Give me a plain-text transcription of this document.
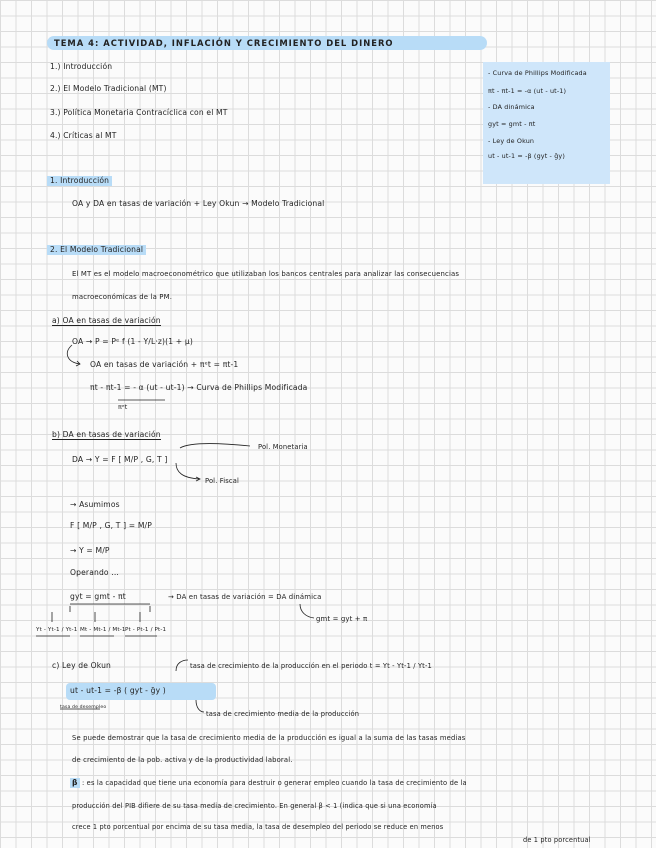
TEMA 4: ACTIVIDAD, INFLACIÓN Y CRECIMIENTO DEL DINERO
1.) Introducción
2.) El Modelo Tradicional (MT)
3.) Política Monetaria Contracíclica con el MT
4.) Críticas al MT
- Curva de Phillips Modificada
πt - πt-1 = -α (ut - ut-1)
- DA dinámica
gyt = gmt - πt
- Ley de Okun
ut - ut-1 = -β (gyt - ḡy)
1. Introducción
OA y DA en tasas de variación + Ley Okun → Modelo Tradicional
2. El Modelo Tradicional
El MT es el modelo macroeconométrico que utilizaban los bancos centrales para analizar las consecuencias
macroeconómicas de la PM.
a) OA en tasas de variación
OA → P = Pᵉ f (1 - Y/L·z)(1 + μ)
OA en tasas de variación + πᵉt = πt-1
πt - πt-1 = - α (ut - ut-1) → Curva de Phillips Modificada
πᵉt
b) DA en tasas de variación
Pol. Monetaria
DA → Y = F [ M/P , G, T ]
Pol. Fiscal
→ Asumimos
F [ M/P , G, T ] = M/P
→ Y = M/P
Operando ...
gyt = gmt - πt	→ DA en tasas de variación = DA dinámica
gmt = gyt + π
Yt - Yt-1 / Yt-1 Mt - Mt-1 / Mt-1 Pt - Pt-1 / Pt-1
c) Ley de Okun	tasa de crecimiento de la producción en el periodo t = Yt - Yt-1 / Yt-1
ut - ut-1 = -β ( gyt - ḡy )
tasa de desempleo
tasa de crecimiento media de la producción
Se puede demostrar que la tasa de crecimiento media de la producción es igual a la suma de las tasas medias
de crecimiento de la pob. activa y de la productividad laboral.
β : es la capacidad que tiene una economía para destruir o generar empleo cuando la tasa de crecimiento de la
producción del PIB difiere de su tasa media de crecimiento. En general β < 1 (indica que si una economía
crece 1 pto porcentual por encima de su tasa media, la tasa de desempleo del periodo se reduce en menos
de 1 pto porcentual
